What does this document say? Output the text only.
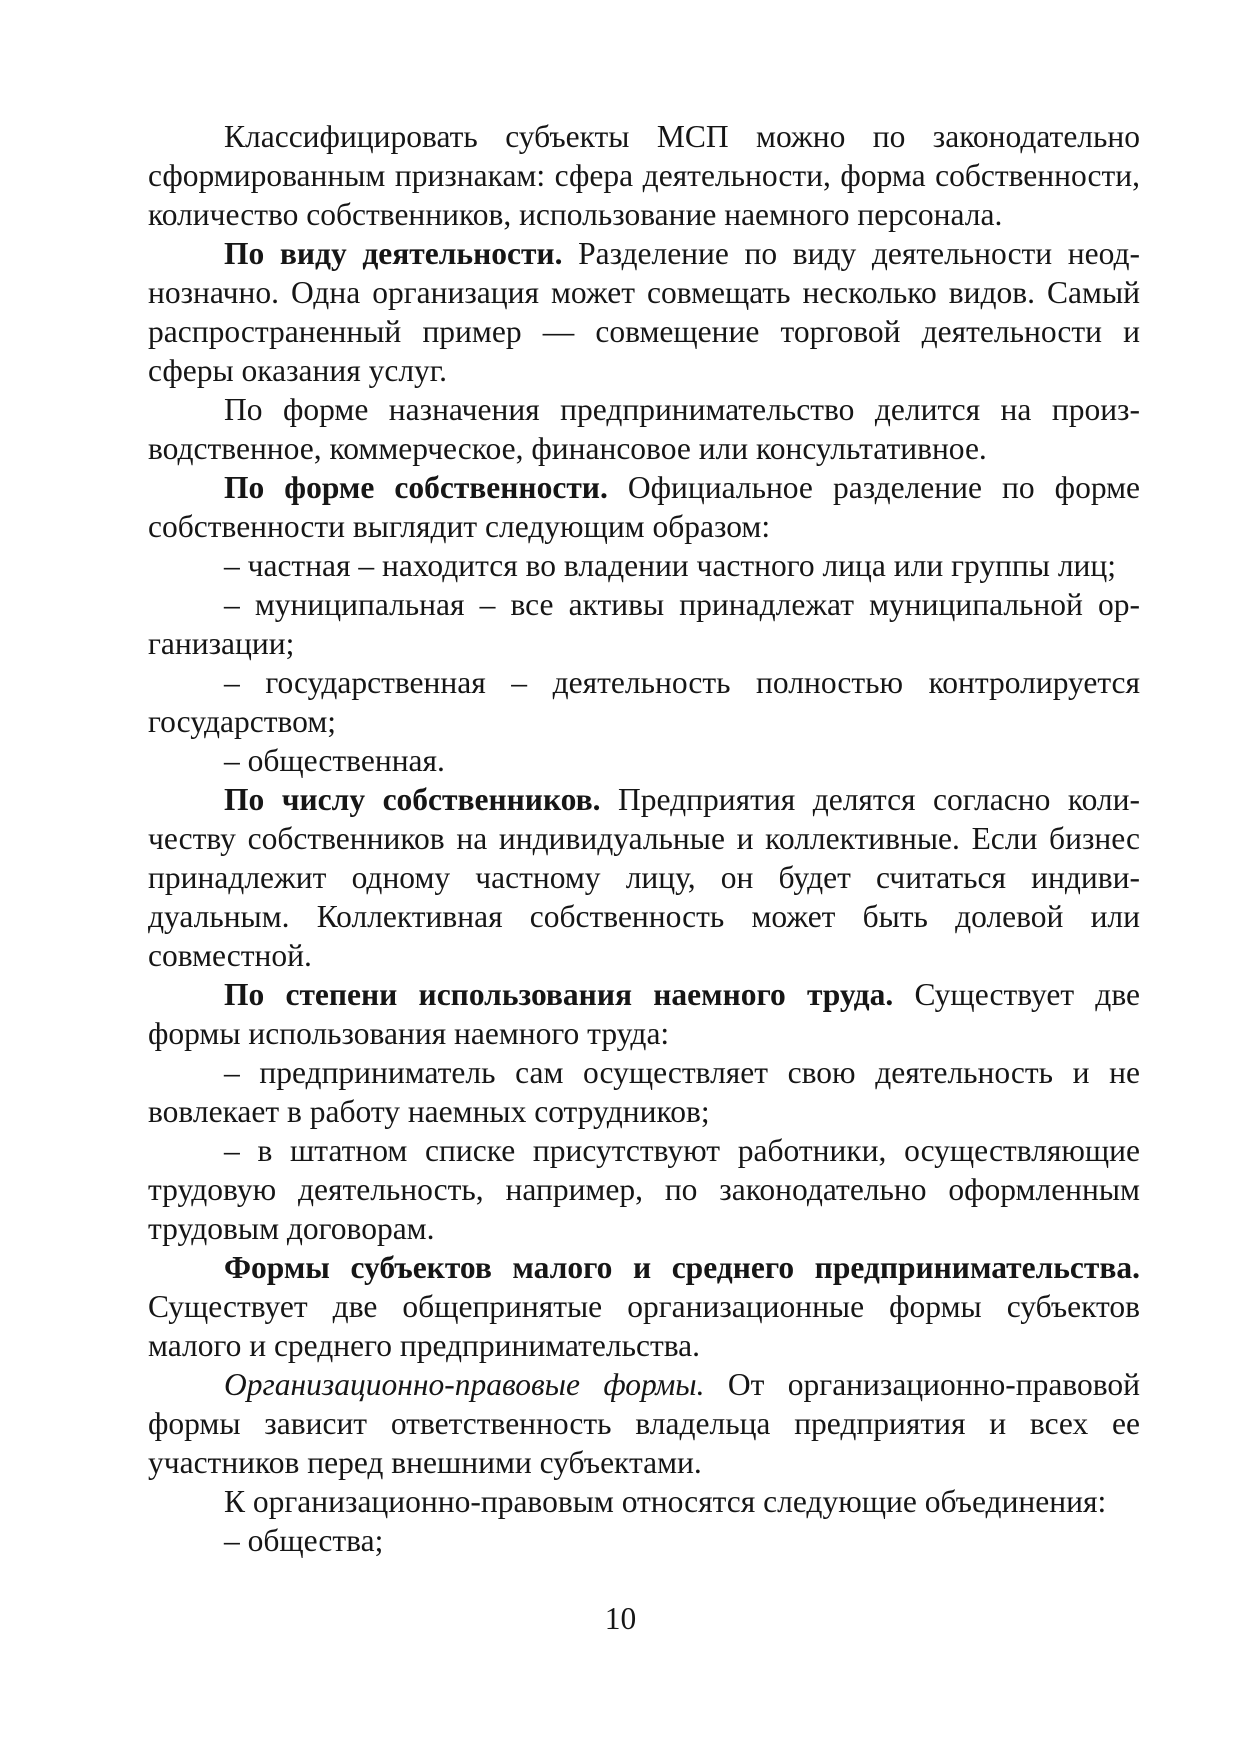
Классифицировать субъекты МСП можно по законодательно сформированным признакам: сфера деятельности, форма собственности, количество собственников, использование наемного персонала.

По виду деятельности. Разделение по виду деятельности неоднозначно. Одна организация может совмещать несколько видов. Самый распространенный пример — совмещение торговой деятельности и сферы оказания услуг.

По форме назначения предпринимательство делится на производственное, коммерческое, финансовое или консультативное.

По форме собственности. Официальное разделение по форме собственности выглядит следующим образом:

– частная – находится во владении частного лица или группы лиц;

– муниципальная – все активы принадлежат муниципальной организации;

– государственная – деятельность полностью контролируется государством;

– общественная.

По числу собственников. Предприятия делятся согласно количеству собственников на индивидуальные и коллективные. Если бизнес принадлежит одному частному лицу, он будет считаться индивидуальным. Коллективная собственность может быть долевой или совместной.

По степени использования наемного труда. Существует две формы использования наемного труда:

– предприниматель сам осуществляет свою деятельность и не вовлекает в работу наемных сотрудников;

– в штатном списке присутствуют работники, осуществляющие трудовую деятельность, например, по законодательно оформленным трудовым договорам.

Формы субъектов малого и среднего предпринимательства. Существует две общепринятые организационные формы субъектов малого и среднего предпринимательства.

Организационно-правовые формы. От организационно-правовой формы зависит ответственность владельца предприятия и всех ее участников перед внешними субъектами.

К организационно-правовым относятся следующие объединения:

– общества;

10
